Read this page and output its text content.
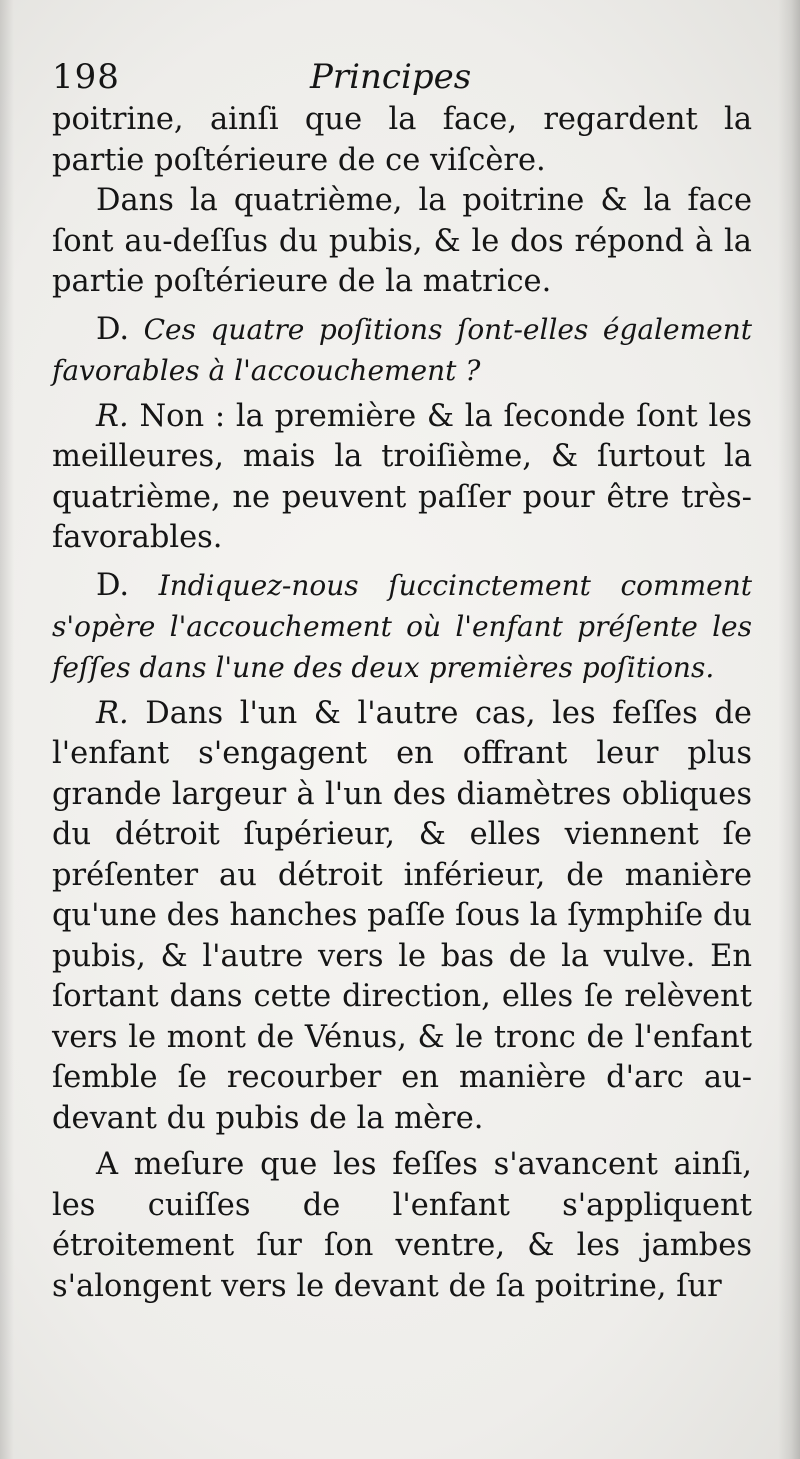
198	Principes

poitrine, ainſi que la face, regardent la partie poſtérieure de ce viſcère.

Dans la quatrième, la poitrine & la face ſont au-deſſus du pubis, & le dos répond à la partie poſtérieure de la matrice.

D. Ces quatre poſitions ſont-elles également favorables à l'accouchement ?

R. Non : la première & la ſeconde ſont les meilleures, mais la troiſième, & ſurtout la quatrième, ne peuvent paſſer pour être très-favorables.

D. Indiquez-nous ſuccinctement comment s'opère l'accouchement où l'enfant préſente les feſſes dans l'une des deux premières poſitions.

R. Dans l'un & l'autre cas, les feſſes de l'enfant s'engagent en offrant leur plus grande largeur à l'un des diamètres obliques du détroit ſupérieur, & elles viennent ſe préſenter au détroit inférieur, de manière qu'une des hanches paſſe ſous la ſymphiſe du pubis, & l'autre vers le bas de la vulve. En ſortant dans cette direction, elles ſe relèvent vers le mont de Vénus, & le tronc de l'enfant ſemble ſe recourber en manière d'arc au-devant du pubis de la mère.

A meſure que les feſſes s'avancent ainſi, les cuiſſes de l'enfant s'appliquent étroitement ſur ſon ventre, & les jambes s'alongent vers le devant de ſa poitrine, ſur
